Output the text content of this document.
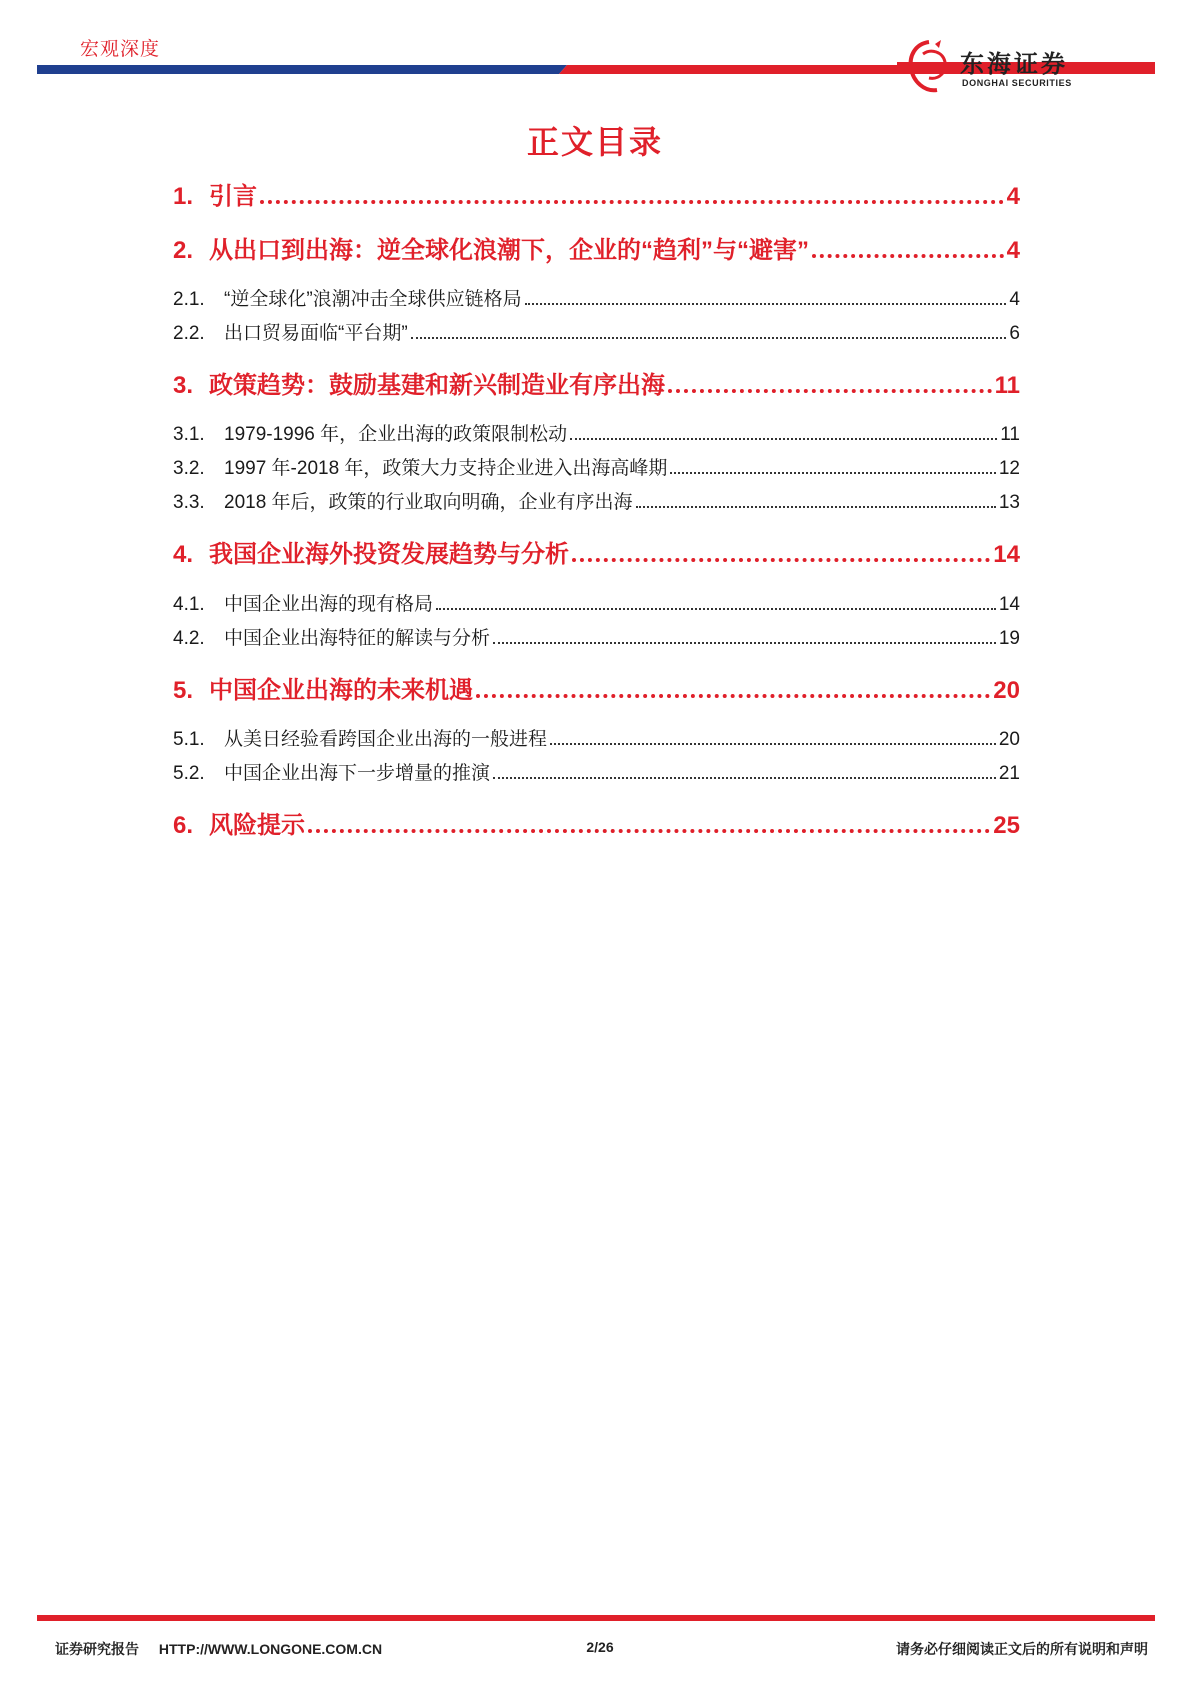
宏观深度
东海证券
DONGHAI SECURITIES
正文目录
1. 引言	4
2. 从出口到出海：逆全球化浪潮下，企业的“趋利”与“避害”	4
2.1.	“逆全球化”浪潮冲击全球供应链格局	4
2.2.	出口贸易面临“平台期”	6
3. 政策趋势：鼓励基建和新兴制造业有序出海	11
3.1.	1979-1996 年，企业出海的政策限制松动	11
3.2.	1997 年-2018 年，政策大力支持企业进入出海高峰期	12
3.3.	2018 年后，政策的行业取向明确，企业有序出海	13
4. 我国企业海外投资发展趋势与分析	14
4.1.	中国企业出海的现有格局	14
4.2.	中国企业出海特征的解读与分析	19
5. 中国企业出海的未来机遇	20
5.1.	从美日经验看跨国企业出海的一般进程	20
5.2.	中国企业出海下一步增量的推演	21
6. 风险提示	25
证券研究报告 HTTP://WWW.LONGONE.COM.CN	2/26	请务必仔细阅读正文后的所有说明和声明
